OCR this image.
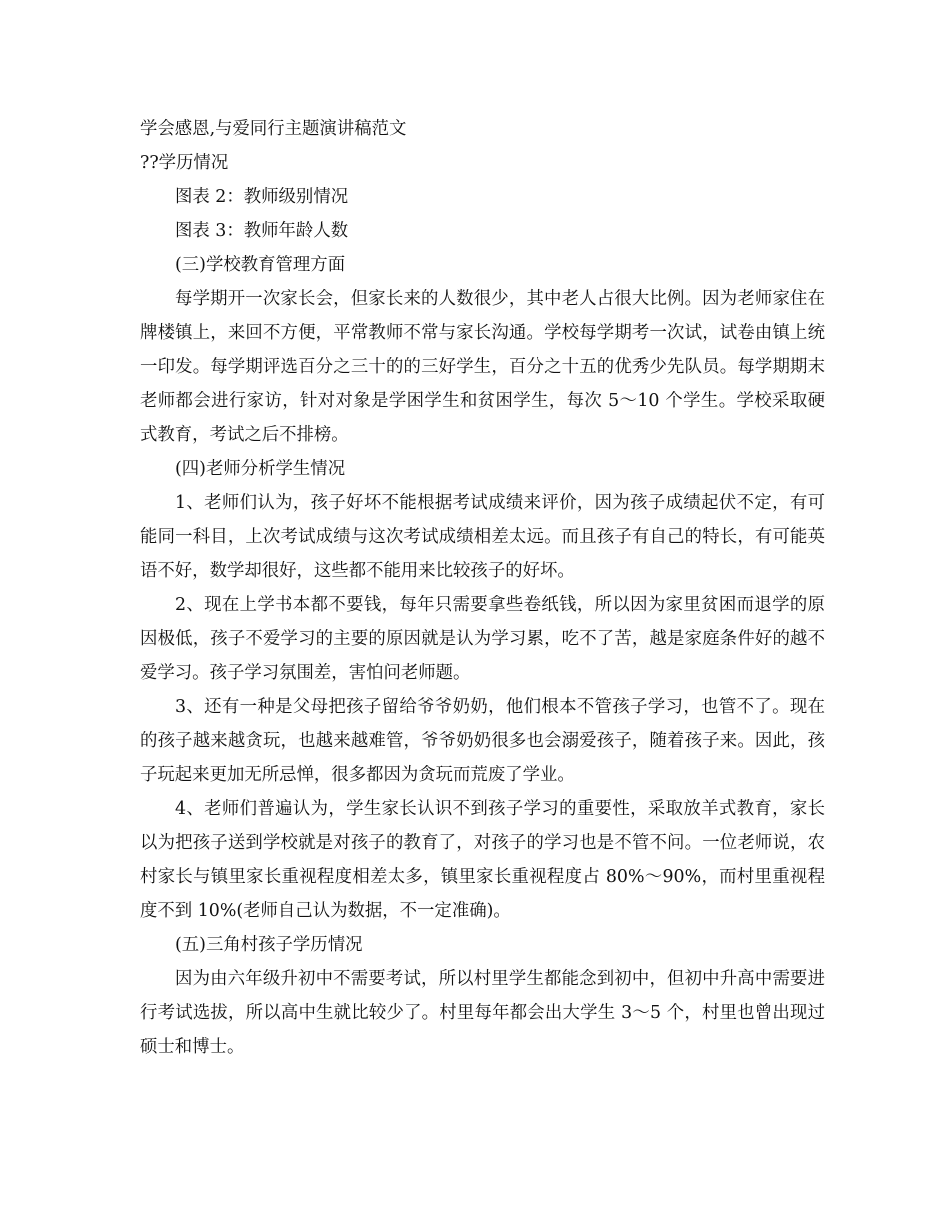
学会感恩,与爱同行主题演讲稿范文

??学历情况

图表 2：教师级别情况

图表 3：教师年龄人数

(三)学校教育管理方面

每学期开一次家长会，但家长来的人数很少，其中老人占很大比例。因为老师家住在牌楼镇上，来回不方便，平常教师不常与家长沟通。学校每学期考一次试，试卷由镇上统一印发。每学期评选百分之三十的的三好学生，百分之十五的优秀少先队员。每学期期末老师都会进行家访，针对对象是学困学生和贫困学生，每次 5～10 个学生。学校采取硬式教育，考试之后不排榜。

(四)老师分析学生情况

1、老师们认为，孩子好坏不能根据考试成绩来评价，因为孩子成绩起伏不定，有可能同一科目，上次考试成绩与这次考试成绩相差太远。而且孩子有自己的特长，有可能英语不好，数学却很好，这些都不能用来比较孩子的好坏。

2、现在上学书本都不要钱，每年只需要拿些卷纸钱，所以因为家里贫困而退学的原因极低，孩子不爱学习的主要的原因就是认为学习累，吃不了苦，越是家庭条件好的越不爱学习。孩子学习氛围差，害怕问老师题。

3、还有一种是父母把孩子留给爷爷奶奶，他们根本不管孩子学习，也管不了。现在的孩子越来越贪玩，也越来越难管，爷爷奶奶很多也会溺爱孩子，随着孩子来。因此，孩子玩起来更加无所忌惮，很多都因为贪玩而荒废了学业。

4、老师们普遍认为，学生家长认识不到孩子学习的重要性，采取放羊式教育，家长以为把孩子送到学校就是对孩子的教育了，对孩子的学习也是不管不问。一位老师说，农村家长与镇里家长重视程度相差太多，镇里家长重视程度占 80%～90%，而村里重视程度不到 10%(老师自己认为数据，不一定准确)。

(五)三角村孩子学历情况

因为由六年级升初中不需要考试，所以村里学生都能念到初中，但初中升高中需要进行考试选拔，所以高中生就比较少了。村里每年都会出大学生 3～5 个，村里也曾出现过硕士和博士。
